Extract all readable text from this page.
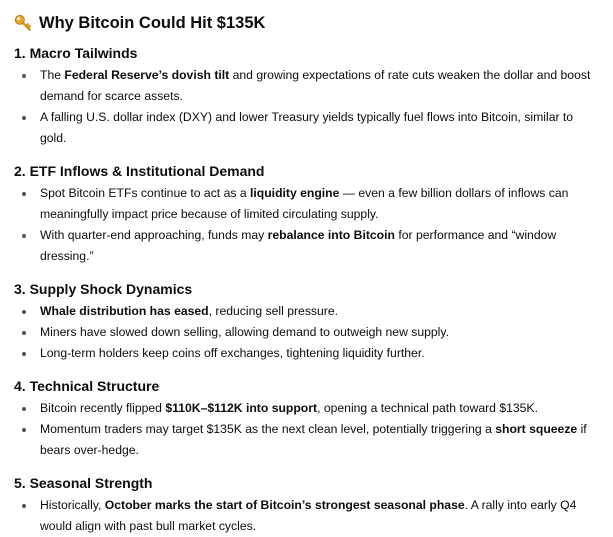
Why Bitcoin Could Hit $135K
1. Macro Tailwinds
The Federal Reserve’s dovish tilt and growing expectations of rate cuts weaken the dollar and boost demand for scarce assets.
A falling U.S. dollar index (DXY) and lower Treasury yields typically fuel flows into Bitcoin, similar to gold.
2. ETF Inflows & Institutional Demand
Spot Bitcoin ETFs continue to act as a liquidity engine — even a few billion dollars of inflows can meaningfully impact price because of limited circulating supply.
With quarter-end approaching, funds may rebalance into Bitcoin for performance and “window dressing.”
3. Supply Shock Dynamics
Whale distribution has eased, reducing sell pressure.
Miners have slowed down selling, allowing demand to outweigh new supply.
Long-term holders keep coins off exchanges, tightening liquidity further.
4. Technical Structure
Bitcoin recently flipped $110K–$112K into support, opening a technical path toward $135K.
Momentum traders may target $135K as the next clean level, potentially triggering a short squeeze if bears over-hedge.
5. Seasonal Strength
Historically, October marks the start of Bitcoin’s strongest seasonal phase. A rally into early Q4 would align with past bull market cycles.
